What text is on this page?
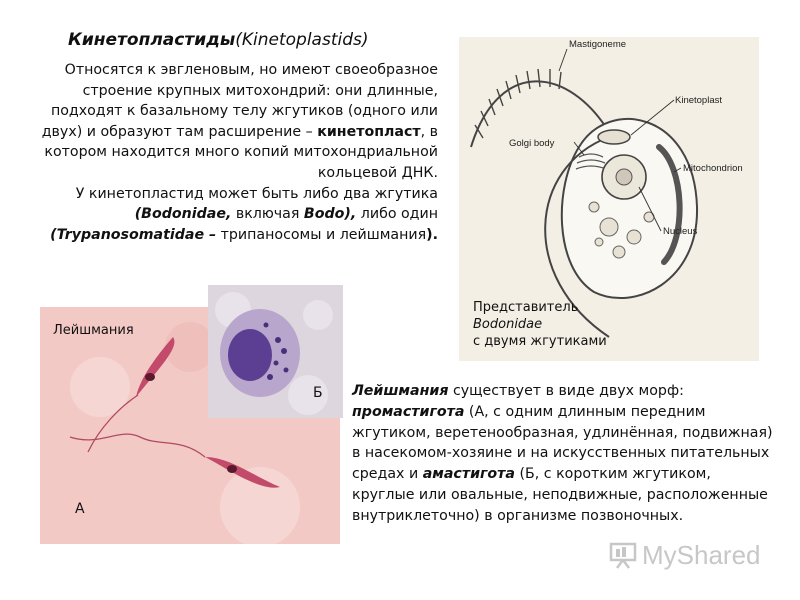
Кинетопластиды(Kinetoplastids)

Относятся к эвгленовым, но имеют своеобразное строение крупных митохондрий: они длинные, подходят к базальному телу жгутиков (одного или двух) и образуют там расширение – кинетопласт, в котором находится много копий митохондриальной кольцевой ДНК.

У кинетопластид может быть либо два жгутика (Bodonidae, включая Bodo), либо один (Trypanosomatidae – трипаносомы и лейшмания).

Mastigoneme
Kinetoplast
Golgi body
Mitochondrion
Nucleus
Представитель
Bodonidae
с двумя жгутиками
Лейшмания
А
Б Лейшмания существует в виде двух морф: промастигота (А, с одним длинным передним жгутиком, веретенообразная, удлинённая, подвижная) в насекомом-хозяине и на искусственных питательных средах и амастигота (Б, с коротким жгутиком, круглые или овальные, неподвижные, расположенные внутриклеточно) в организме позвоночных.
MyShared
